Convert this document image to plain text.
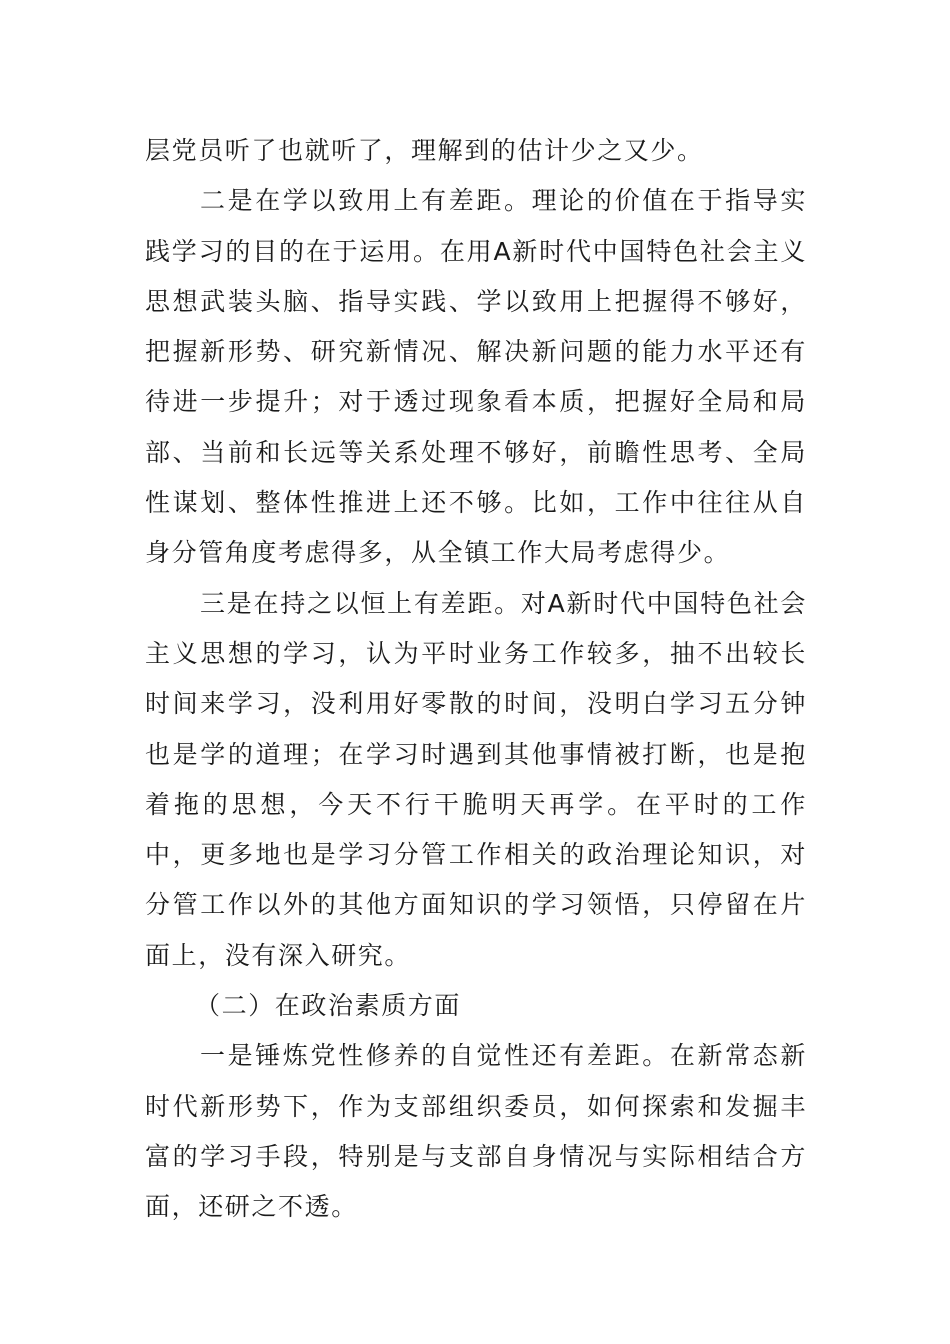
层党员听了也就听了，理解到的估计少之又少。

二是在学以致用上有差距。理论的价值在于指导实践学习的目的在于运用。在用A新时代中国特色社会主义思想武装头脑、指导实践、学以致用上把握得不够好，把握新形势、研究新情况、解决新问题的能力水平还有待进一步提升；对于透过现象看本质，把握好全局和局部、当前和长远等关系处理不够好，前瞻性思考、全局性谋划、整体性推进上还不够。比如，工作中往往从自身分管角度考虑得多，从全镇工作大局考虑得少。

三是在持之以恒上有差距。对A新时代中国特色社会主义思想的学习，认为平时业务工作较多，抽不出较长时间来学习，没利用好零散的时间，没明白学习五分钟也是学的道理；在学习时遇到其他事情被打断，也是抱着拖的思想，今天不行干脆明天再学。在平时的工作中，更多地也是学习分管工作相关的政治理论知识，对分管工作以外的其他方面知识的学习领悟，只停留在片面上，没有深入研究。

（二）在政治素质方面

一是锤炼党性修养的自觉性还有差距。在新常态新时代新形势下，作为支部组织委员，如何探索和发掘丰富的学习手段，特别是与支部自身情况与实际相结合方面，还研之不透。
